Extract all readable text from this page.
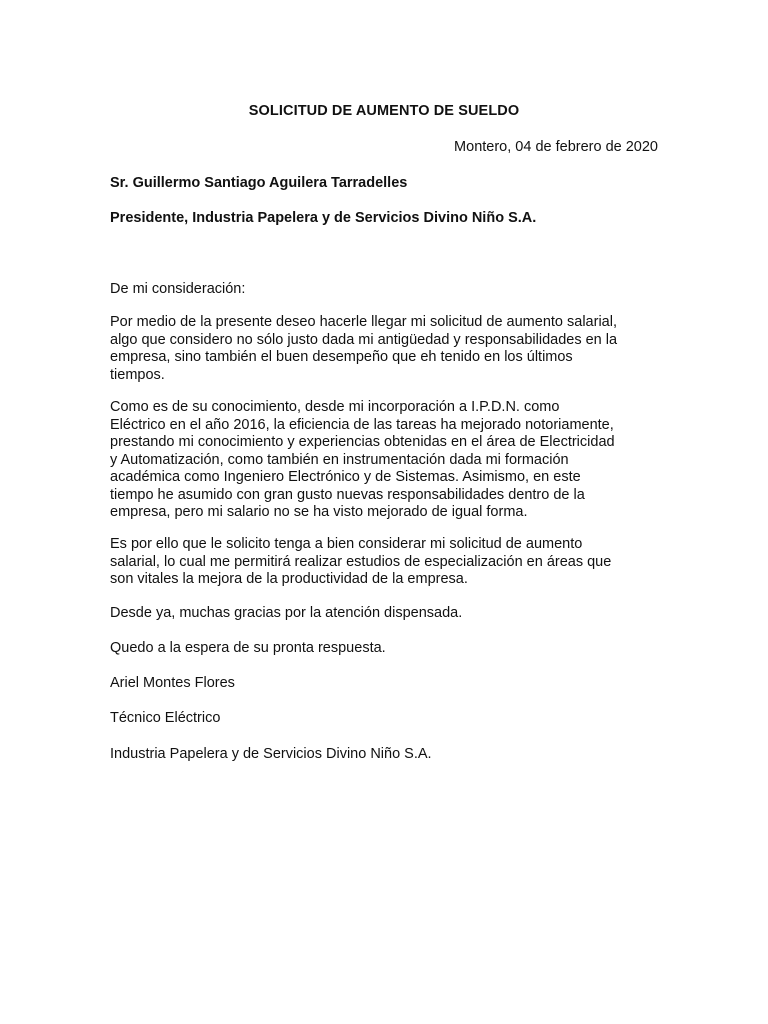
SOLICITUD DE AUMENTO DE SUELDO
Montero, 04 de febrero de 2020
Sr. Guillermo Santiago Aguilera Tarradelles
Presidente, Industria Papelera y de Servicios Divino Niño S.A.
De mi consideración:

Por medio de la presente deseo hacerle llegar mi solicitud de aumento salarial,
algo que considero no sólo justo dada mi antigüedad y responsabilidades en la
empresa, sino también el buen desempeño que eh tenido en los últimos
tiempos.

Como es de su conocimiento, desde mi incorporación a I.P.D.N. como
Eléctrico en el año 2016, la eficiencia de las tareas ha mejorado notoriamente,
prestando mi conocimiento y experiencias obtenidas en el área de Electricidad
y Automatización, como también en instrumentación dada mi formación
académica como Ingeniero Electrónico y de Sistemas. Asimismo, en este
tiempo he asumido con gran gusto nuevas responsabilidades dentro de la
empresa, pero mi salario no se ha visto mejorado de igual forma.

Es por ello que le solicito tenga a bien considerar mi solicitud de aumento
salarial, lo cual me permitirá realizar estudios de especialización en áreas que
son vitales la mejora de la productividad de la empresa.

Desde ya, muchas gracias por la atención dispensada.
Quedo a la espera de su pronta respuesta.
Ariel Montes Flores
Técnico Eléctrico
Industria Papelera y de Servicios Divino Niño S.A.
